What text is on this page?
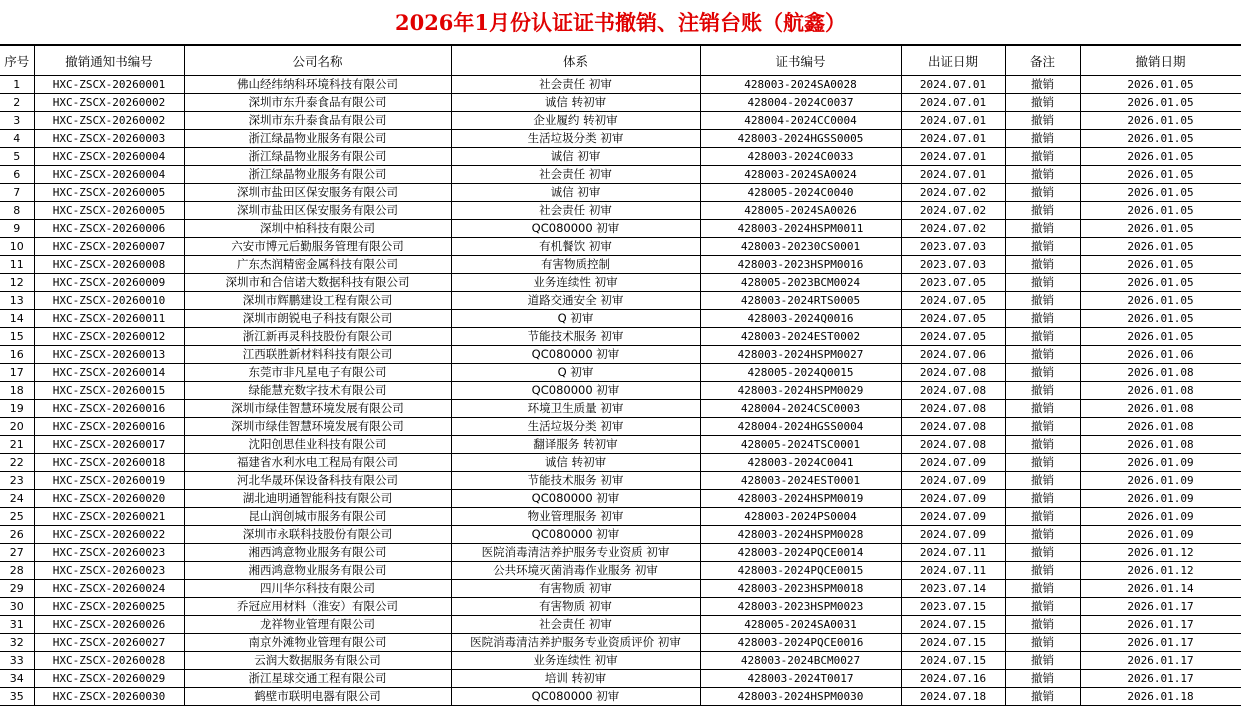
2026年1月份认证证书撤销、注销台账（航鑫）
序号	撤销通知书编号	公司名称	体系	证书编号	出证日期	备注	撤销日期
1	HXC-ZSCX-20260001	佛山经纬纳科环境科技有限公司	社会责任 初审	428003-2024SA0028	2024.07.01	撤销	2026.01.05
2	HXC-ZSCX-20260002	深圳市东升泰食品有限公司	诚信 转初审	428004-2024C0037	2024.07.01	撤销	2026.01.05
3	HXC-ZSCX-20260002	深圳市东升泰食品有限公司	企业履约 转初审	428004-2024CC0004	2024.07.01	撤销	2026.01.05
4	HXC-ZSCX-20260003	浙江绿晶物业服务有限公司	生活垃圾分类 初审	428003-2024HGSS0005	2024.07.01	撤销	2026.01.05
5	HXC-ZSCX-20260004	浙江绿晶物业服务有限公司	诚信 初审	428003-2024C0033	2024.07.01	撤销	2026.01.05
6	HXC-ZSCX-20260004	浙江绿晶物业服务有限公司	社会责任 初审	428003-2024SA0024	2024.07.01	撤销	2026.01.05
7	HXC-ZSCX-20260005	深圳市盐田区保安服务有限公司	诚信 初审	428005-2024C0040	2024.07.02	撤销	2026.01.05
8	HXC-ZSCX-20260005	深圳市盐田区保安服务有限公司	社会责任 初审	428005-2024SA0026	2024.07.02	撤销	2026.01.05
9	HXC-ZSCX-20260006	深圳中柏科技有限公司	QC080000 初审	428003-2024HSPM0011	2024.07.02	撤销	2026.01.05
10	HXC-ZSCX-20260007	六安市博元后勤服务管理有限公司	有机餐饮 初审	428003-20230CS0001	2023.07.03	撤销	2026.01.05
11	HXC-ZSCX-20260008	广东杰润精密金属科技有限公司	有害物质控制	428003-2023HSPM0016	2023.07.03	撤销	2026.01.05
12	HXC-ZSCX-20260009	深圳市和合信诺大数据科技有限公司	业务连续性 初审	428005-2023BCM0024	2023.07.05	撤销	2026.01.05
13	HXC-ZSCX-20260010	深圳市辉鹏建设工程有限公司	道路交通安全 初审	428003-2024RTS0005	2024.07.05	撤销	2026.01.05
14	HXC-ZSCX-20260011	深圳市朗锐电子科技有限公司	Q 初审	428003-2024Q0016	2024.07.05	撤销	2026.01.05
15	HXC-ZSCX-20260012	浙江新再灵科技股份有限公司	节能技术服务 初审	428003-2024EST0002	2024.07.05	撤销	2026.01.05
16	HXC-ZSCX-20260013	江西联胜新材料科技有限公司	QC080000 初审	428003-2024HSPM0027	2024.07.06	撤销	2026.01.06
17	HXC-ZSCX-20260014	东莞市非凡星电子有限公司	Q 初审	428005-2024Q0015	2024.07.08	撤销	2026.01.08
18	HXC-ZSCX-20260015	绿能慧充数字技术有限公司	QC080000 初审	428003-2024HSPM0029	2024.07.08	撤销	2026.01.08
19	HXC-ZSCX-20260016	深圳市绿佳智慧环境发展有限公司	环境卫生质量 初审	428004-2024CSC0003	2024.07.08	撤销	2026.01.08
20	HXC-ZSCX-20260016	深圳市绿佳智慧环境发展有限公司	生活垃圾分类 初审	428004-2024HGSS0004	2024.07.08	撤销	2026.01.08
21	HXC-ZSCX-20260017	沈阳创思佳业科技有限公司	翻译服务 转初审	428005-2024TSC0001	2024.07.08	撤销	2026.01.08
22	HXC-ZSCX-20260018	福建省水利水电工程局有限公司	诚信 转初审	428003-2024C0041	2024.07.09	撤销	2026.01.09
23	HXC-ZSCX-20260019	河北华晟环保设备科技有限公司	节能技术服务 初审	428003-2024EST0001	2024.07.09	撤销	2026.01.09
24	HXC-ZSCX-20260020	湖北迪明通智能科技有限公司	QC080000 初审	428003-2024HSPM0019	2024.07.09	撤销	2026.01.09
25	HXC-ZSCX-20260021	昆山润创城市服务有限公司	物业管理服务 初审	428003-2024PS0004	2024.07.09	撤销	2026.01.09
26	HXC-ZSCX-20260022	深圳市永联科技股份有限公司	QC080000 初审	428003-2024HSPM0028	2024.07.09	撤销	2026.01.09
27	HXC-ZSCX-20260023	湘西鸿意物业服务有限公司	医院消毒清洁养护服务专业资质 初审	428003-2024PQCE0014	2024.07.11	撤销	2026.01.12
28	HXC-ZSCX-20260023	湘西鸿意物业服务有限公司	公共环境灭菌消毒作业服务 初审	428003-2024PQCE0015	2024.07.11	撤销	2026.01.12
29	HXC-ZSCX-20260024	四川华尔科技有限公司	有害物质 初审	428003-2023HSPM0018	2023.07.14	撤销	2026.01.14
30	HXC-ZSCX-20260025	乔冠应用材料（淮安）有限公司	有害物质 初审	428003-2023HSPM0023	2023.07.15	撤销	2026.01.17
31	HXC-ZSCX-20260026	龙祥物业管理有限公司	社会责任 初审	428005-2024SA0031	2024.07.15	撤销	2026.01.17
32	HXC-ZSCX-20260027	南京外滩物业管理有限公司	医院消毒清洁养护服务专业资质评价 初审	428003-2024PQCE0016	2024.07.15	撤销	2026.01.17
33	HXC-ZSCX-20260028	云润大数据服务有限公司	业务连续性 初审	428003-2024BCM0027	2024.07.15	撤销	2026.01.17
34	HXC-ZSCX-20260029	浙江星球交通工程有限公司	培训 转初审	428003-2024T0017	2024.07.16	撤销	2026.01.17
35	HXC-ZSCX-20260030	鹤壁市联明电器有限公司	QC080000 初审	428003-2024HSPM0030	2024.07.18	撤销	2026.01.18
